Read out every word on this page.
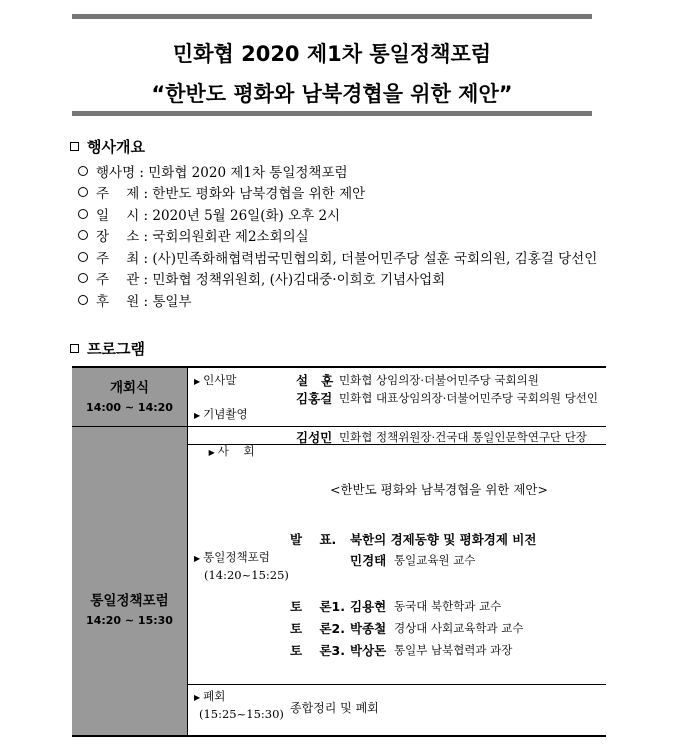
민화협 2020 제1차 통일정책포럼
“한반도 평화와 남북경협을 위한 제안”
행사개요
행사명 : 민화협 2020 제1차 통일정책포럼
주    제 : 한반도 평화와 남북경협을 위한 제안
일    시 : 2020년 5월 26일(화) 오후 2시
장    소 : 국회의원회관 제2소회의실
주    최 : (사)민족화해협력범국민협의회, 더불어민주당 설훈 국회의원, 김홍걸 당선인
주    관 : 민화협 정책위원회, (사)김대중·이희호 기념사업회
후    원 : 통일부
프로그램
개회식
14:00 ~ 14:20
통일정책포럼
14:20 ~ 15:30
▶ 인사말	설   훈 민화협 상임의장·더불어민주당 국회의원
김홍걸 민화협 대표상임의장·더불어민주당 국회의원 당선인
▶ 기념촬영

▶ 사    회

김성민 민화협 정책위원장·건국대 통일인문학연구단 단장
<한반도 평화와 남북경협을 위한 제안>
▶ 통일정책포럼
(14:20~15:25)
발    표. 북한의 경제동향 및 평화경제 비전
민경태 통일교육원 교수
토    론1. 김용현 동국대 북한학과 교수
토    론2. 박종철 경상대 사회교육학과 교수
토    론3. 박상돈 통일부 남북협력과 과장
▶ 폐회
(15:25~15:30) 종합정리 및 폐회
